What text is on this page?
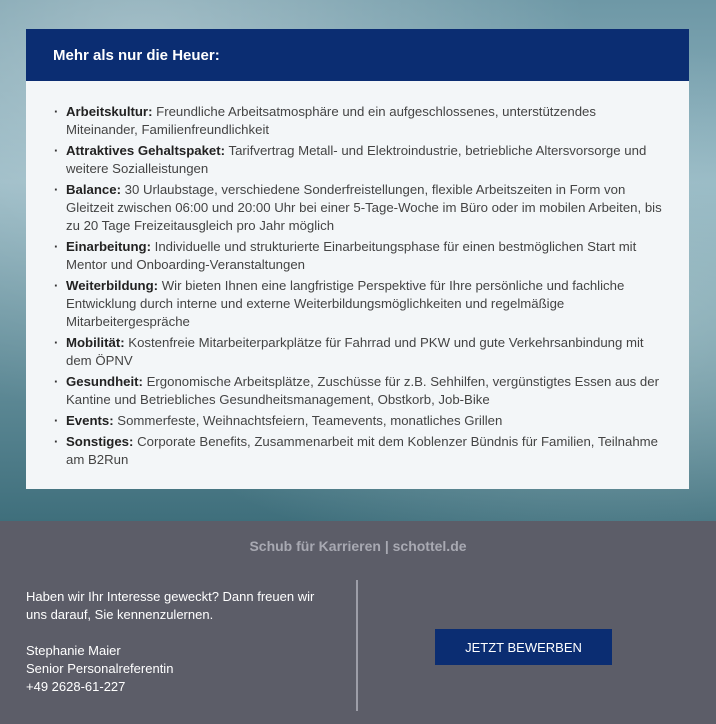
Mehr als nur die Heuer:
· Arbeitskultur: Freundliche Arbeitsatmosphäre und ein aufgeschlossenes, unterstützendes Miteinander, Familienfreundlichkeit
· Attraktives Gehaltspaket: Tarifvertrag Metall- und Elektroindustrie, betriebliche Altersvorsorge und weitere Sozialleistungen
· Balance: 30 Urlaubstage, verschiedene Sonderfreistellungen, flexible Arbeitszeiten in Form von Gleitzeit zwischen 06:00 und 20:00 Uhr bei einer 5-Tage-Woche im Büro oder im mobilen Arbeiten, bis zu 20 Tage Freizeitausgleich pro Jahr möglich
· Einarbeitung: Individuelle und strukturierte Einarbeitungsphase für einen bestmöglichen Start mit Mentor und Onboarding-Veranstaltungen
· Weiterbildung: Wir bieten Ihnen eine langfristige Perspektive für Ihre persönliche und fachliche Entwicklung durch interne und externe Weiterbildungsmöglichkeiten und regelmäßige Mitarbeitergespräche
· Mobilität: Kostenfreie Mitarbeiterparkplätze für Fahrrad und PKW und gute Verkehrsanbindung mit dem ÖPNV
· Gesundheit: Ergonomische Arbeitsplätze, Zuschüsse für z.B. Sehhilfen, vergünstigtes Essen aus der Kantine und Betriebliches Gesundheitsmanagement, Obstkorb, Job-Bike
· Events: Sommerfeste, Weihnachtsfeiern, Teamevents, monatliches Grillen
· Sonstiges: Corporate Benefits, Zusammenarbeit mit dem Koblenzer Bündnis für Familien, Teilnahme am B2Run
Schub für Karrieren | schottel.de

Haben wir Ihr Interesse geweckt? Dann freuen wir uns darauf, Sie kennenzulernen.

Stephanie Maier

Senior Personalreferentin

+49 2628-61-227

JETZT BEWERBEN
